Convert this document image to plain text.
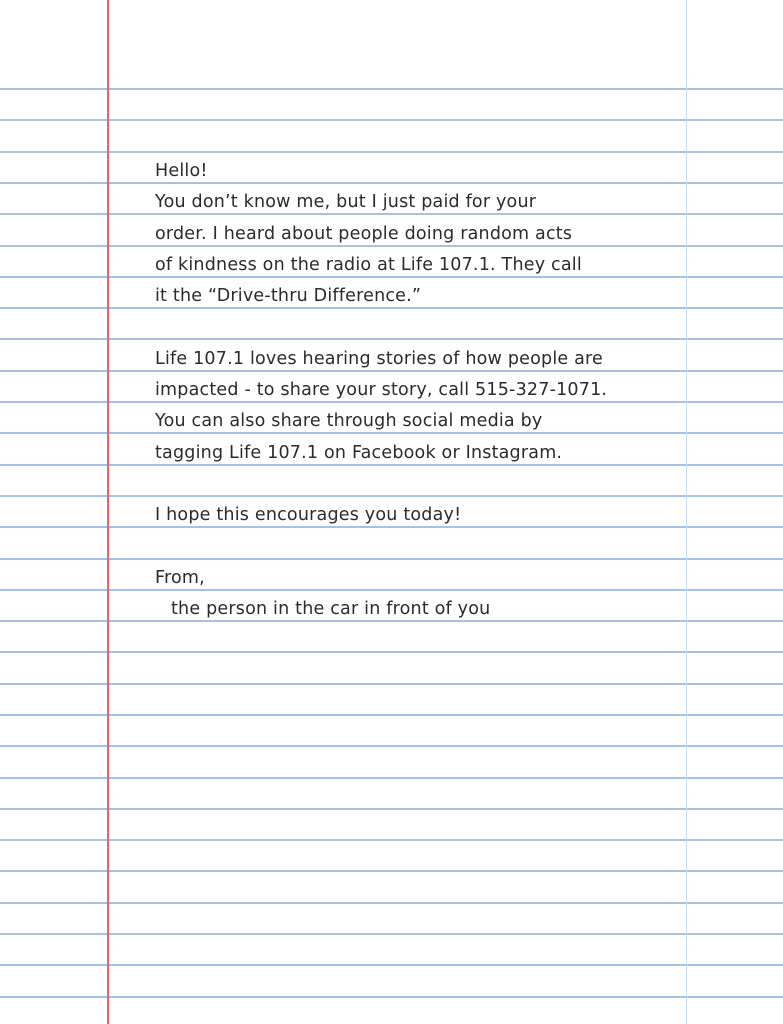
Hello!
You don’t know me, but I just paid for your
order. I heard about people doing random acts
of kindness on the radio at Life 107.1. They call
it the “Drive-thru Difference.”
Life 107.1 loves hearing stories of how people are
impacted - to share your story, call 515-327-1071.
You can also share through social media by
tagging Life 107.1 on Facebook or Instagram.
I hope this encourages you today!
From,
the person in the car in front of you
